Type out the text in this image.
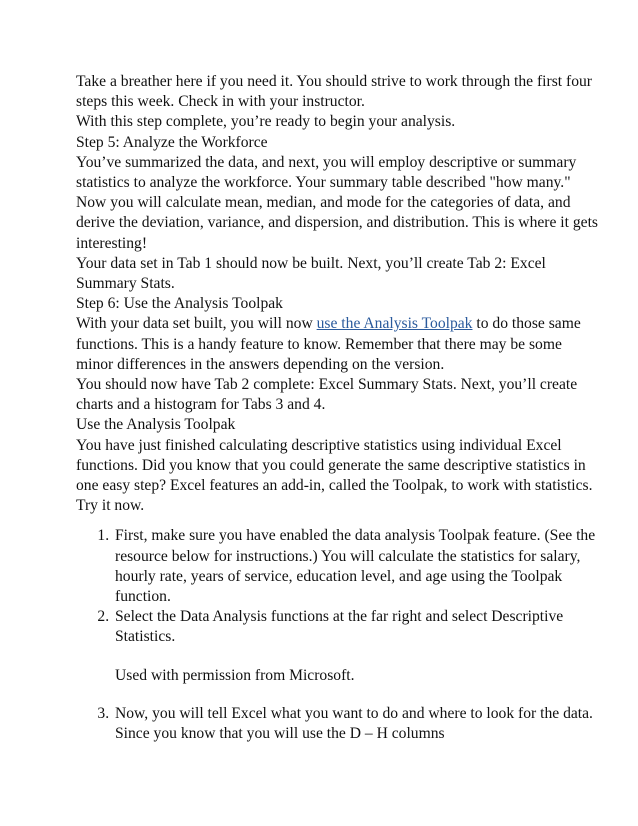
Take a breather here if you need it. You should strive to work through the first four steps this week. Check in with your instructor.

With this step complete, you’re ready to begin your analysis.

Step 5: Analyze the Workforce

You’ve summarized the data, and next, you will employ descriptive or summary statistics to analyze the workforce. Your summary table described "how many." Now you will calculate mean, median, and mode for the categories of data, and derive the deviation, variance, and dispersion, and distribution. This is where it gets interesting!

Your data set in Tab 1 should now be built. Next, you’ll create Tab 2: Excel Summary Stats.

Step 6: Use the Analysis Toolpak

With your data set built, you will now use the Analysis Toolpak to do those same functions. This is a handy feature to know. Remember that there may be some minor differences in the answers depending on the version.

You should now have Tab 2 complete: Excel Summary Stats. Next, you’ll create charts and a histogram for Tabs 3 and 4.

Use the Analysis Toolpak

You have just finished calculating descriptive statistics using individual Excel functions. Did you know that you could generate the same descriptive statistics in one easy step? Excel features an add-in, called the Toolpak, to work with statistics. Try it now.

1. First, make sure you have enabled the data analysis Toolpak feature. (See the resource below for instructions.) You will calculate the statistics for salary, hourly rate, years of service, education level, and age using the Toolpak function.
2. Select the Data Analysis functions at the far right and select Descriptive Statistics.

Used with permission from Microsoft.

3. Now, you will tell Excel what you want to do and where to look for the data. Since you know that you will use the D – H columns
